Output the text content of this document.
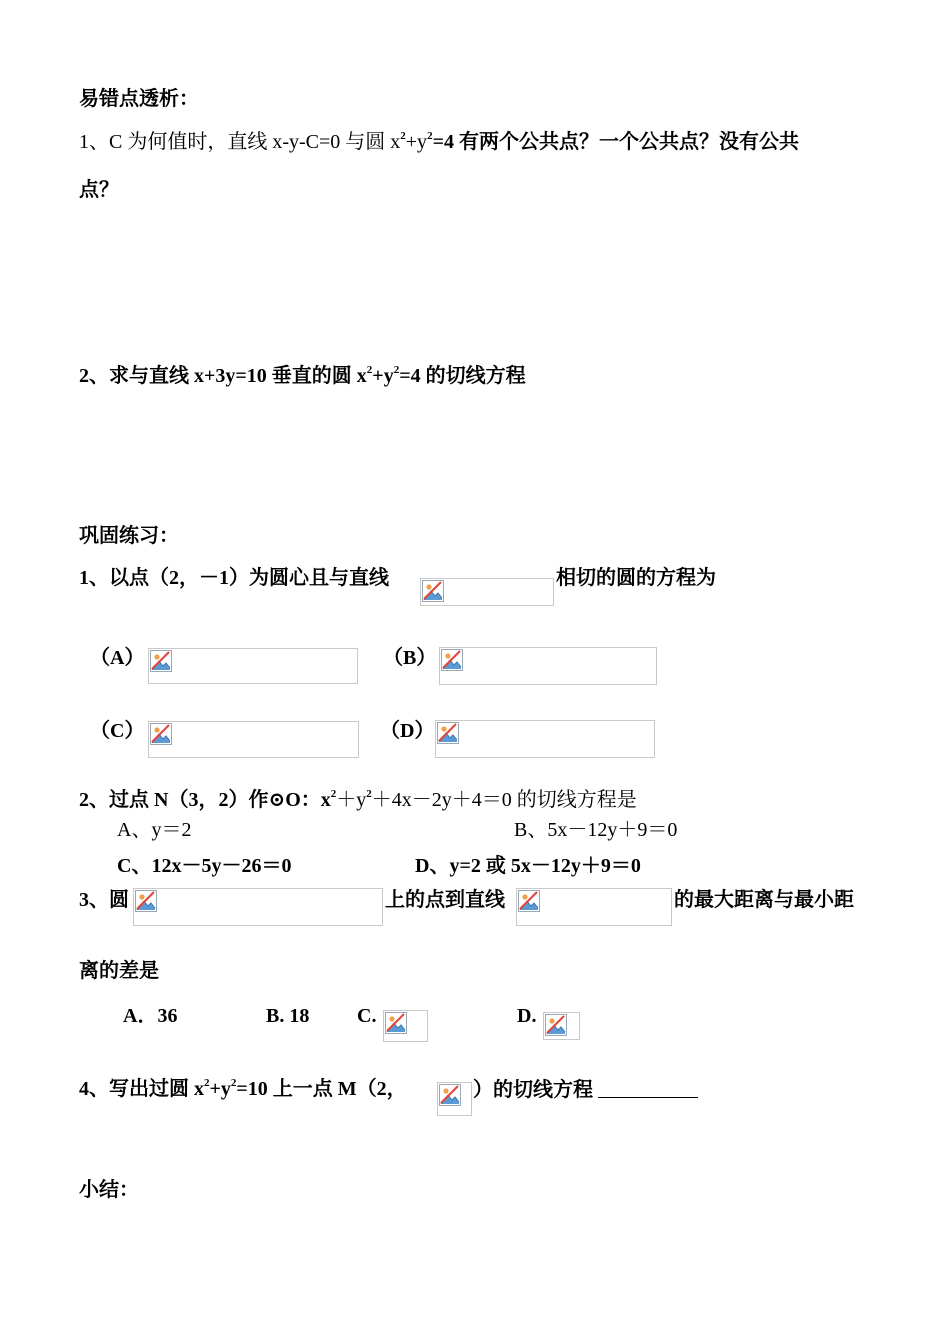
易错点透析：
1、C 为何值时，直线 x-y-C=0 与圆 $x^2+y^2=4$ 有两个公共点？一个公共点？没有公共
点？
2、求与直线 x+3y=10 垂直的圆 $x^2+y^2=4$ 的切线方程
巩固练习：
1、以点（2，－1）为圆心且与直线	相切的圆的方程为
（A）	（B）
（C）	（D）
2、过点 N（3，2）作⊙O：$x^2+y^2+4x-2y+4=0$ 的切线方程是
A、y＝2	B、5x－12y＋9＝0
C、12x－5y－26＝0	D、y=2 或 5x－12y＋9＝0
3、圆	上的点到直线	的最大距离与最小距
离的差是
A．36	B. 18 C.	D.
4、写出过圆 $x^2+y^2=10$ 上一点 M（2，	）的切线方程
小结：
